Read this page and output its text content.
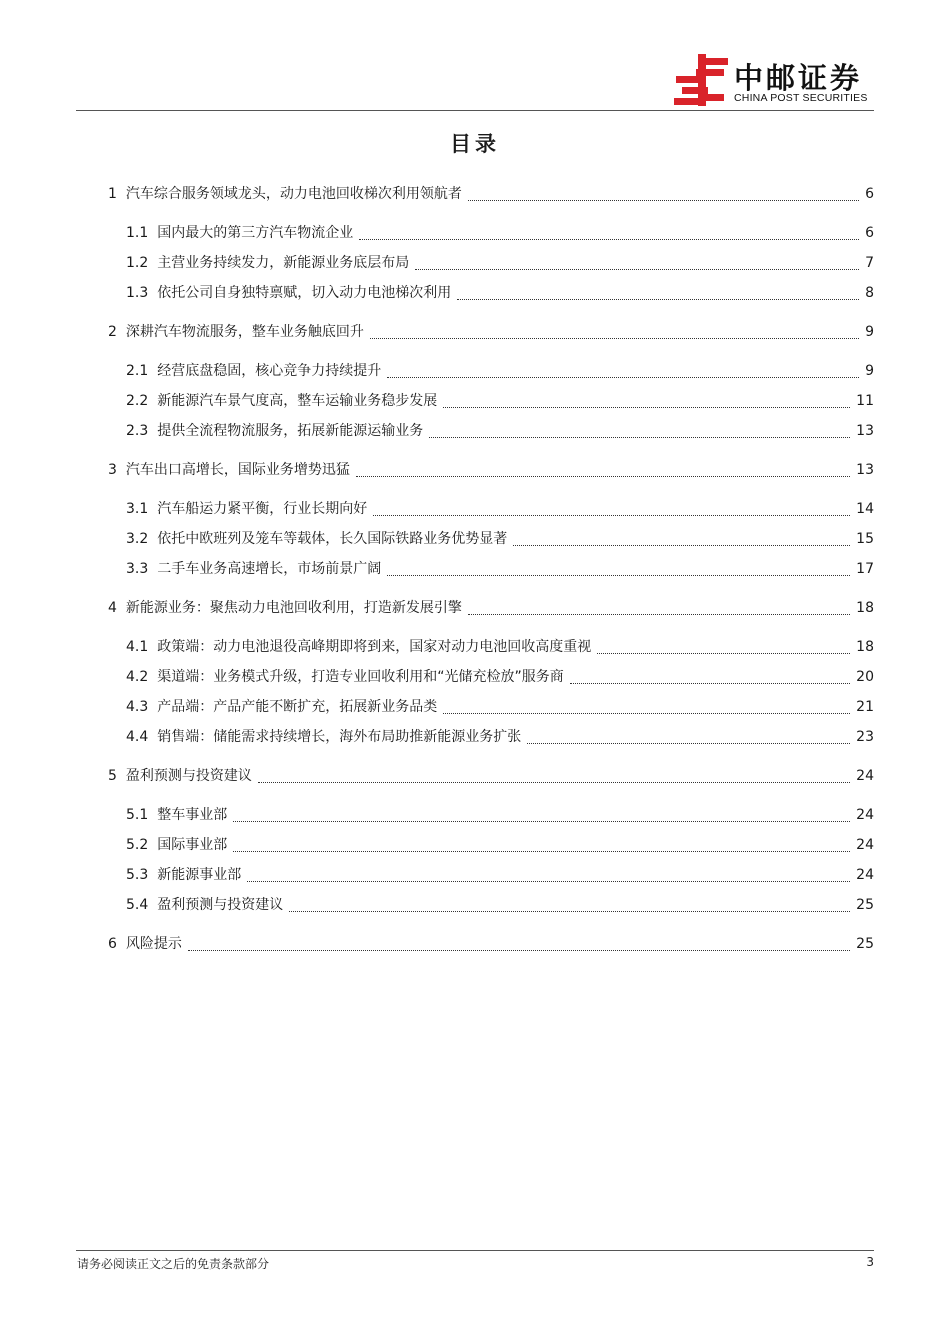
中邮证券
CHINA POST SECURITIES
目录
1 汽车综合服务领域龙头，动力电池回收梯次利用领航者	6
1.1 国内最大的第三方汽车物流企业	6
1.2 主营业务持续发力，新能源业务底层布局	7
1.3 依托公司自身独特禀赋，切入动力电池梯次利用	8
2 深耕汽车物流服务，整车业务触底回升	9
2.1 经营底盘稳固，核心竞争力持续提升	9
2.2 新能源汽车景气度高，整车运输业务稳步发展	11
2.3 提供全流程物流服务，拓展新能源运输业务	13
3 汽车出口高增长，国际业务增势迅猛	13
3.1 汽车船运力紧平衡，行业长期向好	14
3.2 依托中欧班列及笼车等载体，长久国际铁路业务优势显著	15
3.3 二手车业务高速增长，市场前景广阔	17
4 新能源业务：聚焦动力电池回收利用，打造新发展引擎	18
4.1 政策端：动力电池退役高峰期即将到来，国家对动力电池回收高度重视	18
4.2 渠道端：业务模式升级，打造专业回收利用和“光储充检放”服务商	20
4.3 产品端：产品产能不断扩充，拓展新业务品类	21
4.4 销售端：储能需求持续增长，海外布局助推新能源业务扩张	23
5 盈利预测与投资建议	24
5.1 整车事业部	24
5.2 国际事业部	24
5.3 新能源事业部	24
5.4 盈利预测与投资建议	25
6 风险提示	25
请务必阅读正文之后的免责条款部分	3
